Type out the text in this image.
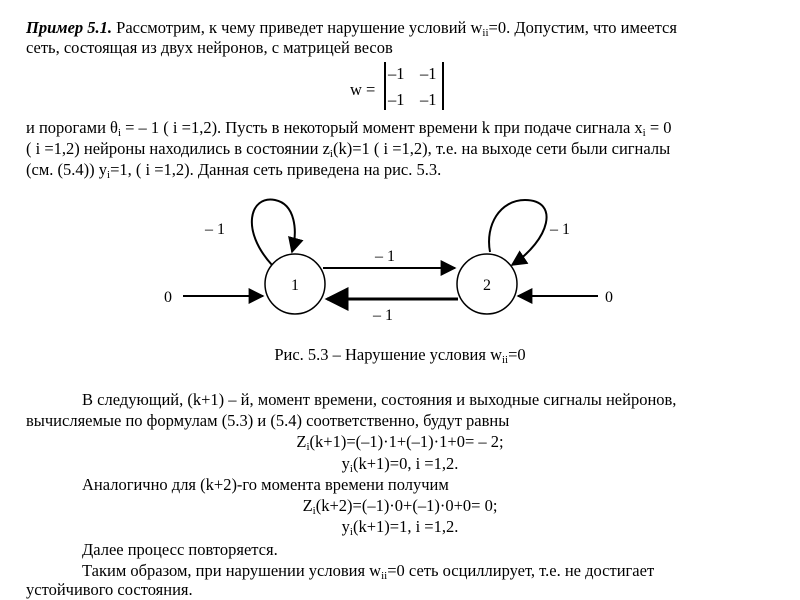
Пример 5.1. Рассмотрим, к чему приведет нарушение условий $w_{ii}=0$. Допустим, что имеется
сеть, состоящая из двух нейронов, с матрицей весов
w =
–1 –1
–1 –1
и порогами $\theta_i$ = – 1 ( i =1,2). Пусть в некоторый момент времени k при подаче сигнала $x_i = 0$
( i =1,2) нейроны находились в состоянии $z_i(k)=1$ ( i =1,2), т.е. на выходе сети были сигналы
(см. (5.4)) $y_i=1$, ( i =1,2). Данная сеть приведена на рис. 5.3.
1	2
– 1	– 1
– 1
– 1
0	0
Рис. 5.3 – Нарушение условия $w_{ii}=0$
В следующий, (k+1) – й, момент времени, состояния и выходные сигналы нейронов,
вычисляемые по формулам (5.3) и (5.4) соответственно, будут равны
$Z_i(k+1)=(-1)\cdot 1+(-1)\cdot 1+0= - 2$;
$y_i(k+1)=0$, i =1,2.
Аналогично для (k+2)-го момента времени получим
$Z_i(k+2)=(-1)\cdot 0+(-1)\cdot 0+0= 0$;
$y_i(k+1)=1$, i =1,2.
Далее процесс повторяется.
Таким образом, при нарушении условия $w_{ii}=0$ сеть осциллирует, т.е. не достигает
устойчивого состояния.
